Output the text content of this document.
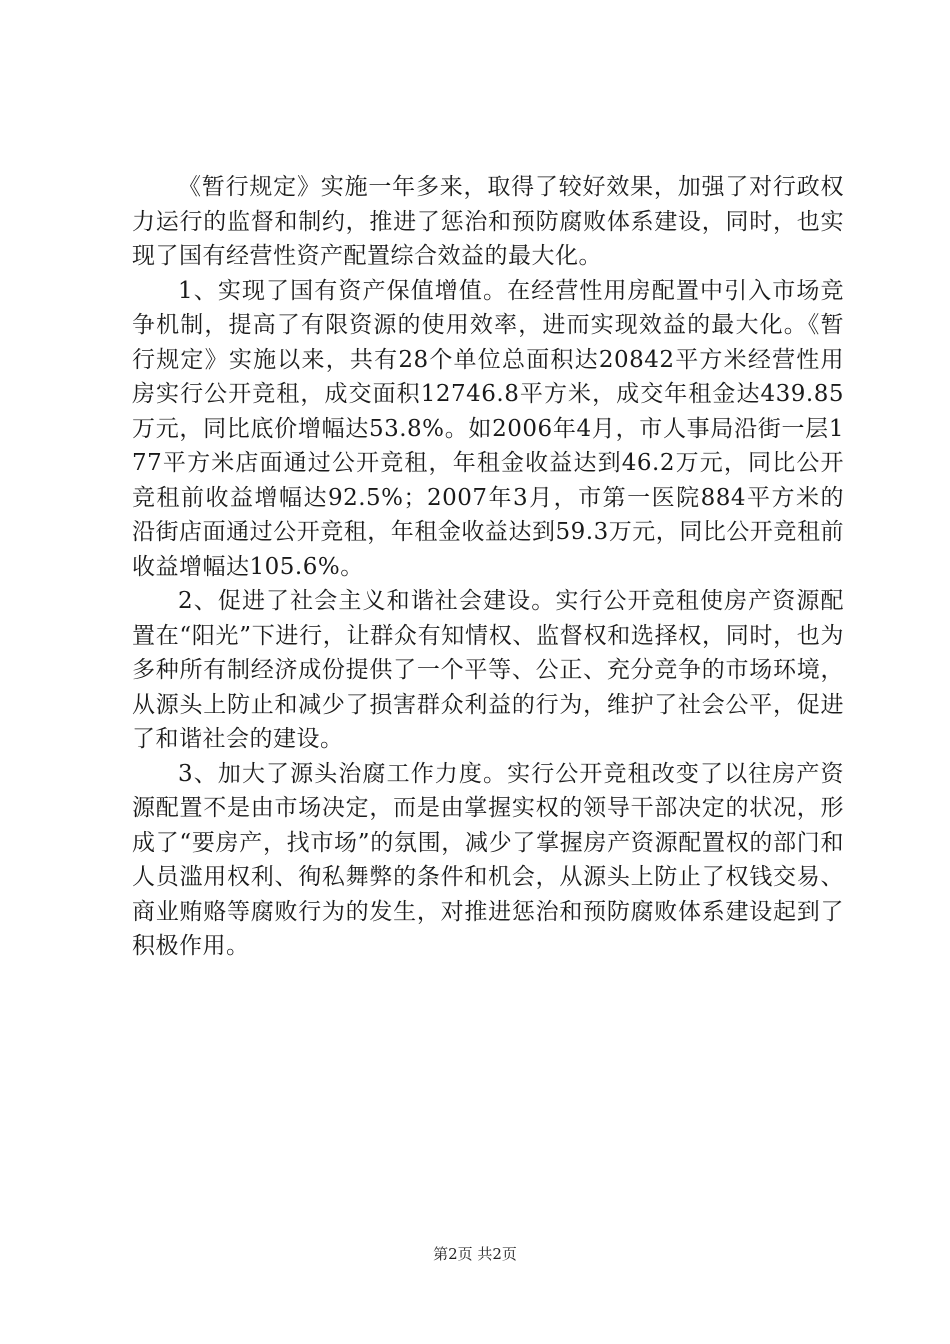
《暂行规定》实施一年多来，取得了较好效果，加强了对行政权力运行的监督和制约，推进了惩治和预防腐败体系建设，同时，也实现了国有经营性资产配置综合效益的最大化。

1、实现了国有资产保值增值。在经营性用房配置中引入市场竞争机制，提高了有限资源的使用效率，进而实现效益的最大化。《暂行规定》实施以来，共有28个单位总面积达20842平方米经营性用房实行公开竞租，成交面积12746.8平方米，成交年租金达439.85万元，同比底价增幅达53.8%。如2006年4月，市人事局沿街一层177平方米店面通过公开竞租，年租金收益达到46.2万元，同比公开竞租前收益增幅达92.5%；2007年3月，市第一医院884平方米的沿街店面通过公开竞租，年租金收益达到59.3万元，同比公开竞租前收益增幅达105.6%。

2、促进了社会主义和谐社会建设。实行公开竞租使房产资源配置在“阳光”下进行，让群众有知情权、监督权和选择权，同时，也为多种所有制经济成份提供了一个平等、公正、充分竞争的市场环境，从源头上防止和减少了损害群众利益的行为，维护了社会公平，促进了和谐社会的建设。

3、加大了源头治腐工作力度。实行公开竞租改变了以往房产资源配置不是由市场决定，而是由掌握实权的领导干部决定的状况，形成了“要房产，找市场”的氛围，减少了掌握房产资源配置权的部门和人员滥用权利、徇私舞弊的条件和机会，从源头上防止了权钱交易、商业贿赂等腐败行为的发生，对推进惩治和预防腐败体系建设起到了积极作用。

第2页 共2页
